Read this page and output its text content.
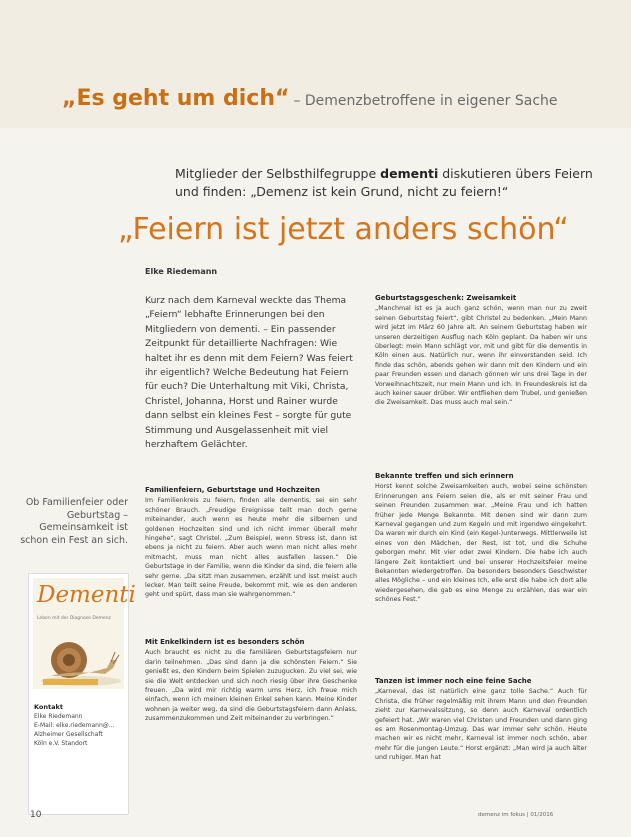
„Es geht um dich“ – Demenzbetroffene in eigener Sache
Mitglieder der Selbsthilfegruppe dementi diskutieren übers Feiern und finden: „Demenz ist kein Grund, nicht zu feiern!“
„Feiern ist jetzt anders schön“
Elke Riedemann
Kurz nach dem Karneval weckte das Thema „Feiern“ lebhafte Erinnerungen bei den Mitgliedern von dementi. – Ein passender Zeitpunkt für detaillierte Nachfragen: Wie haltet ihr es denn mit dem Feiern? Was feiert ihr eigentlich? Welche Bedeutung hat Feiern für euch? Die Unterhaltung mit Viki, Christa, Christel, Johanna, Horst und Rainer wurde dann selbst ein kleines Fest – sorgte für gute Stimmung und Ausgelassenheit mit viel herzhaftem Gelächter.
Familienfeiern, Geburtstage und Hochzeiten

Im Familienkreis zu feiern, finden alle dementis, sei ein sehr schöner Brauch. „Freudige Ereignisse teilt man doch gerne miteinander, auch wenn es heute mehr die silbernen und goldenen Hochzeiten sind und ich nicht immer überall mehr hingehe“, sagt Christel. „Zum Beispiel, wenn Stress ist, dann ist ebens ja nicht zu feiern. Aber auch wenn man nicht alles mehr mitmacht, muss man nicht alles ausfallen lassen.“ Die Geburtstage in der Familie, wenn die Kinder da sind, die feiern alle sehr gerne. „Da sitzt man zusammen, erzählt und isst meist auch lecker. Man teilt seine Freude, bekommt mit, wie es den anderen geht und spürt, dass man sie wahrgenommen.“

Mit Enkelkindern ist es besonders schön

Auch braucht es nicht zu die familiären Geburtstagsfeiern nur darin teilnehmen. „Das sind dann ja die schönsten Feiern.“ Sie genießt es, den Kindern beim Spielen zuzugucken. Zu viel sei, wie sie die Welt entdecken und sich noch riesig über ihre Geschenke freuen. „Da wird mir richtig warm ums Herz, ich freue mich einfach, wenn ich meinen kleinen Enkel sehen kann. Meine Kinder wohnen ja weiter weg, da sind die Geburtstagsfeiern dann Anlass, zusammenzukommen und Zeit miteinander zu verbringen.“

Geburtstagsgeschenk: Zweisamkeit

„Manchmal ist es ja auch ganz schön, wenn man nur zu zweit seinen Geburtstag feiert“, gibt Christel zu bedenken. „Mein Mann wird jetzt im März 60 Jahre alt. An seinem Geburtstag haben wir unseren derzeitigen Ausflug nach Köln geplant. Da haben wir uns überlegt: mein Mann schlägt vor, mit und gibt für die dementis in Köln einen aus. Natürlich nur, wenn ihr einverstanden seid. Ich finde das schön, abends gehen wir dann mit den Kindern und ein paar Freunden essen und danach gönnen wir uns drei Tage in der Vorweihnachtszeit, nur mein Mann und ich. In Freundeskreis ist da auch keiner sauer drüber. Wir entfliehen dem Trubel, und genießen die Zweisamkeit. Das muss auch mal sein.“

Bekannte treffen und sich erinnern

Horst kennt solche Zweisamkeiten auch, wobei seine schönsten Erinnerungen ans Feiern seien die, als er mit seiner Frau und seinen Freunden zusammen war. „Meine Frau und ich hatten früher jede Menge Bekannte. Mit denen sind wir dann zum Karneval gegangen und zum Kegeln und mit irgendwo eingekehrt. Da waren wir durch ein Kind (ein Kegel-)unterwegs. Mittlerweile ist eines von den Mädchen, der Rest, ist tot, und die Schuhe geborgen mehr. Mit vier oder zwei Kindern. Die habe ich auch längere Zeit kontaktiert und bei unserer Hochzeitsfeier meine Bekannten wiedergetroffen. Da besonders besonders Geschwister alles Mögliche – und ein kleines Ich, elle erst die habe ich dort alle wiedergesehen, die gab es eine Menge zu erzählen, das war ein schönes Fest.“

Tanzen ist immer noch eine feine Sache

„Karneval, das ist natürlich eine ganz tolle Sache.“ Auch für Christa, die früher regelmäßig mit ihrem Mann und den Freunden zieht zur Karnevalssitzung, so denn auch Karneval ordentlich gefeiert hat. „Wir waren viel Christen und Freunden und dann ging es am Rosenmontag-Umzug. Das war immer sehr schön. Heute machen wir es nicht mehr, Karneval ist immer noch schön, aber mehr für die jungen Leute.“ Horst ergänzt: „Man wird ja auch älter und ruhiger. Man hat

Ob Familienfeier oder Geburtstag – Gemeinsamkeit ist schon ein Fest an sich.
Dementi
Leben mit der Diagnose Demenz
Kontakt
Elke Riedemann
E-Mail: elke.riedemann@...
Alzheimer Gesellschaft
Köln e.V. Standort
10	demenz im fokus | 01/2016
